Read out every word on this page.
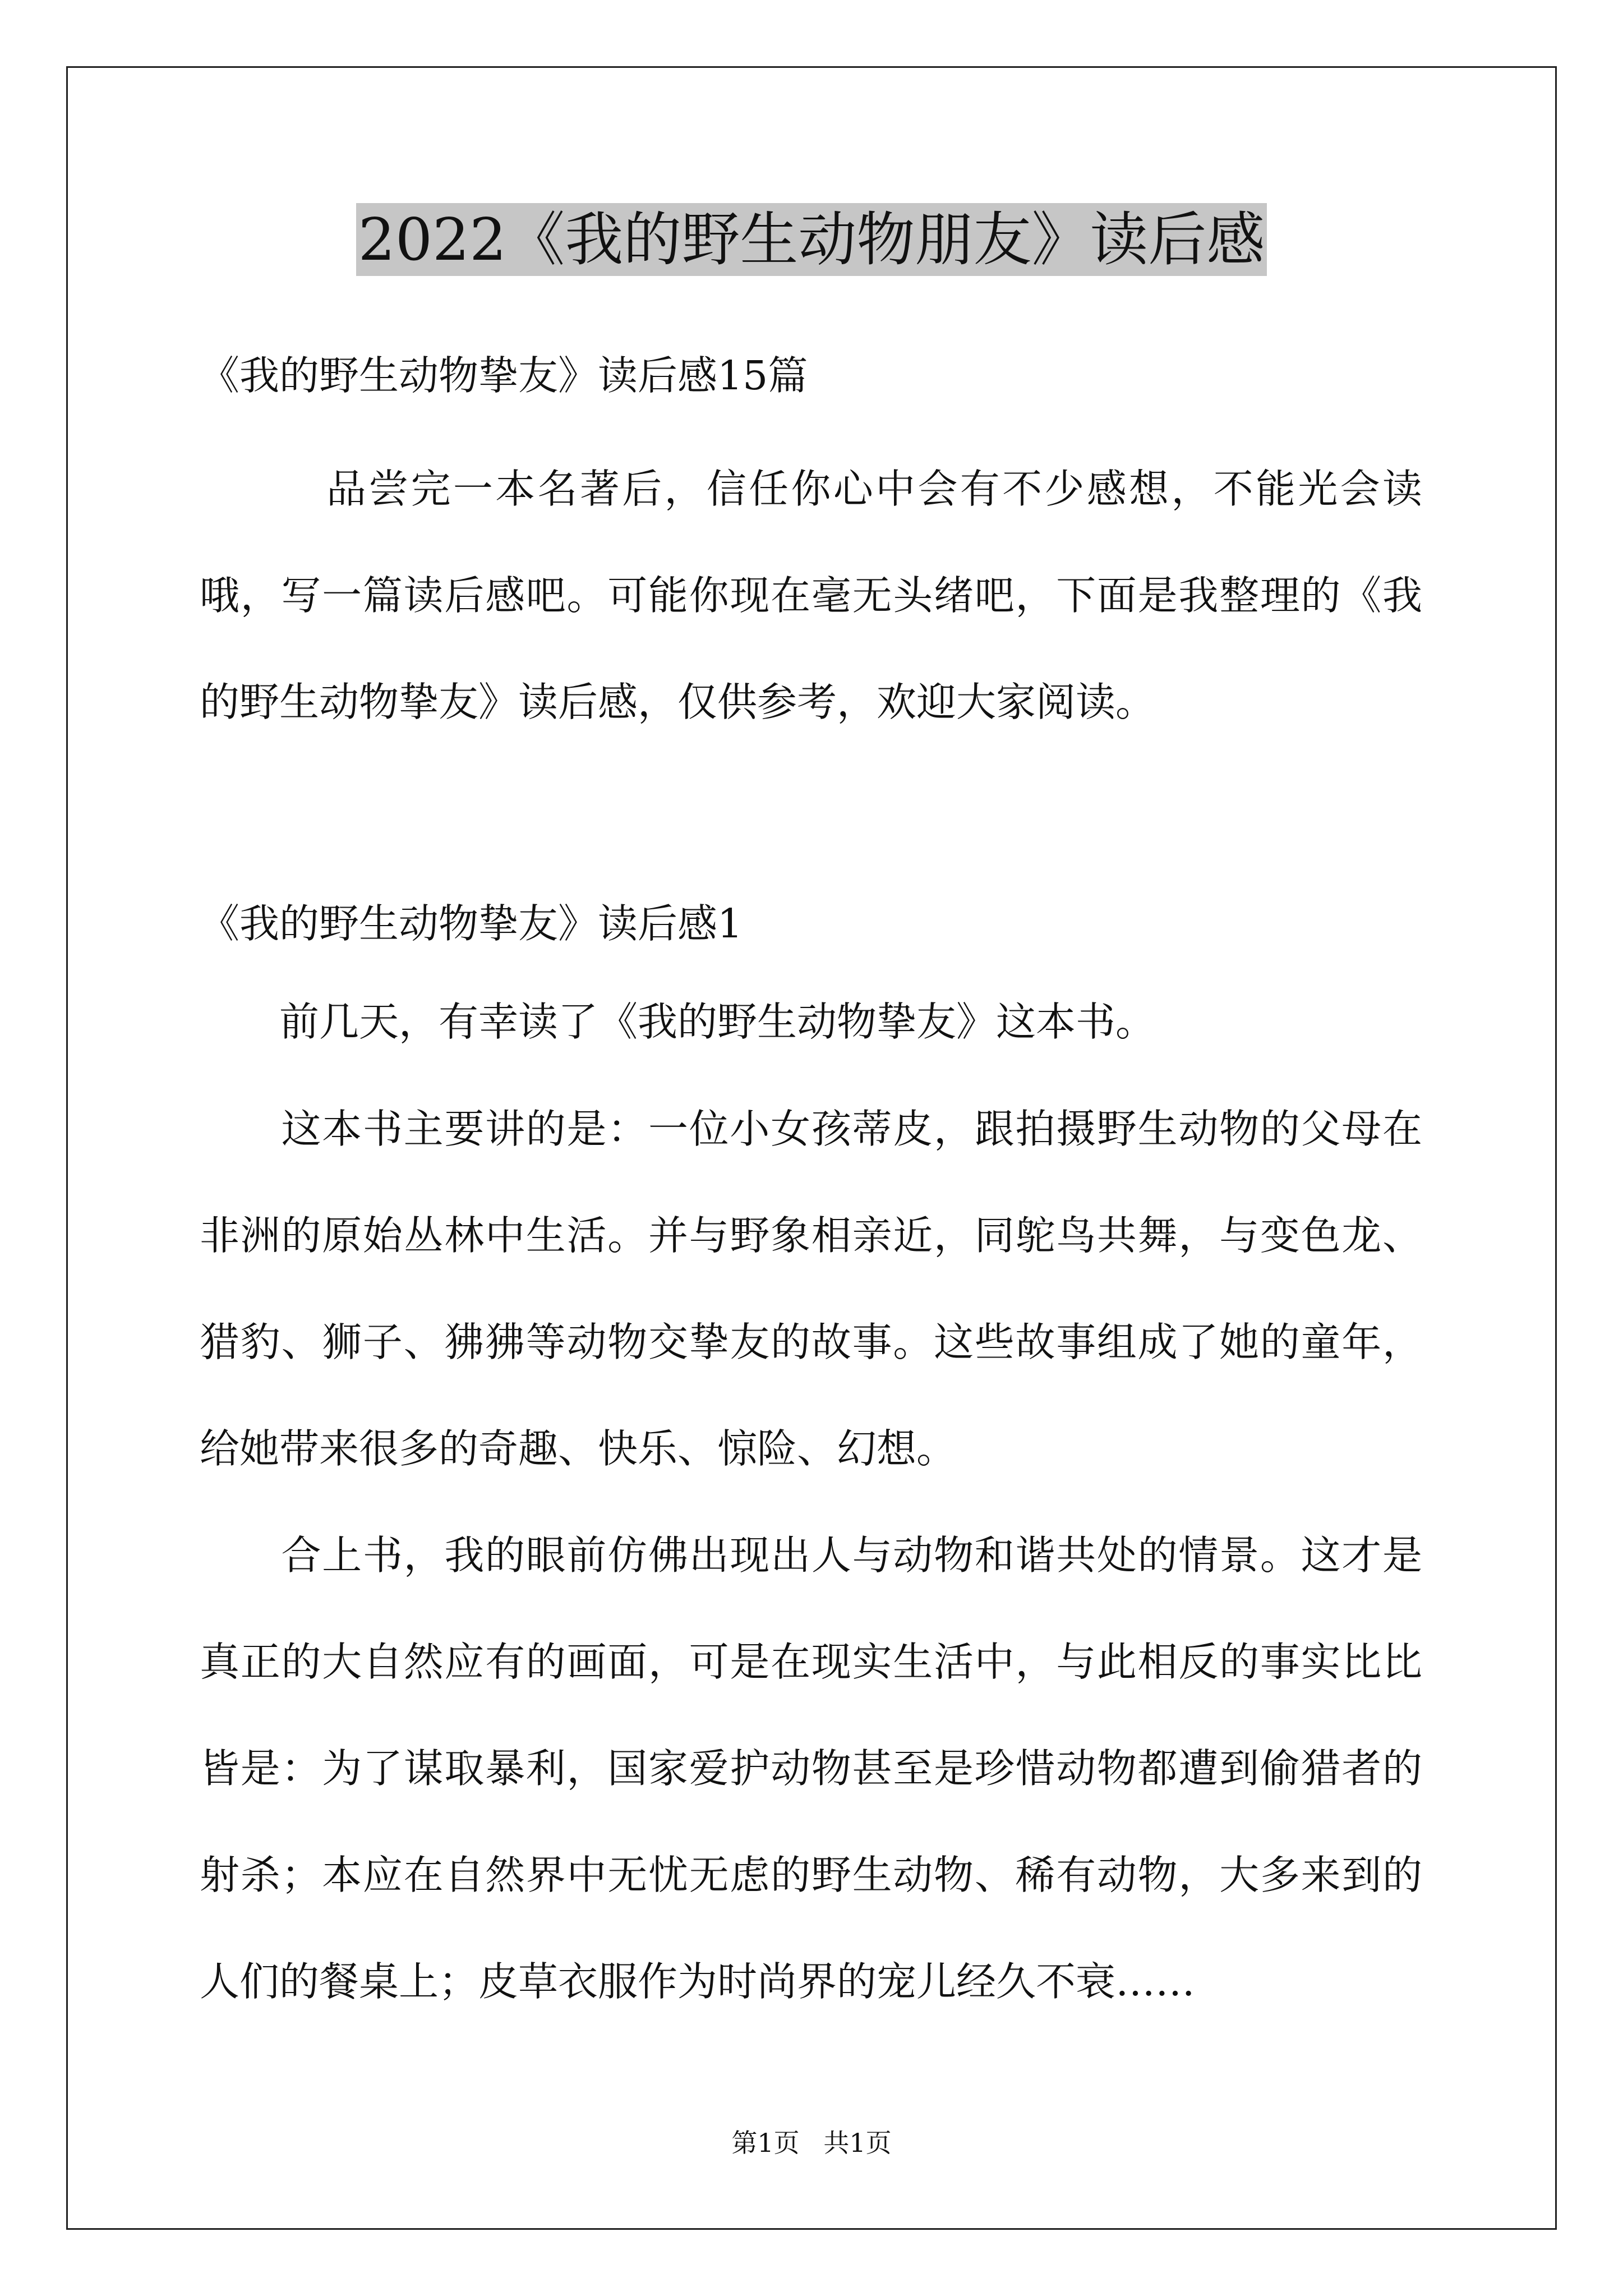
2022《我的野生动物朋友》读后感
《我的野生动物挚友》读后感15篇
　　　品尝完一本名著后，信任你心中会有不少感想，不能光会读哦，写一篇读后感吧。可能你现在毫无头绪吧，下面是我整理的《我的野生动物挚友》读后感，仅供参考，欢迎大家阅读。
《我的野生动物挚友》读后感1
　　前几天，有幸读了《我的野生动物挚友》这本书。
　　这本书主要讲的是：一位小女孩蒂皮，跟拍摄野生动物的父母在非洲的原始丛林中生活。并与野象相亲近，同鸵鸟共舞，与变色龙、猎豹、狮子、狒狒等动物交挚友的故事。这些故事组成了她的童年，给她带来很多的奇趣、快乐、惊险、幻想。
　　合上书，我的眼前仿佛出现出人与动物和谐共处的情景。这才是真正的大自然应有的画面，可是在现实生活中，与此相反的事实比比皆是：为了谋取暴利，国家爱护动物甚至是珍惜动物都遭到偷猎者的射杀；本应在自然界中无忧无虑的野生动物、稀有动物，大多来到的人们的餐桌上；皮草衣服作为时尚界的宠儿经久不衰……
第1页 共1页
